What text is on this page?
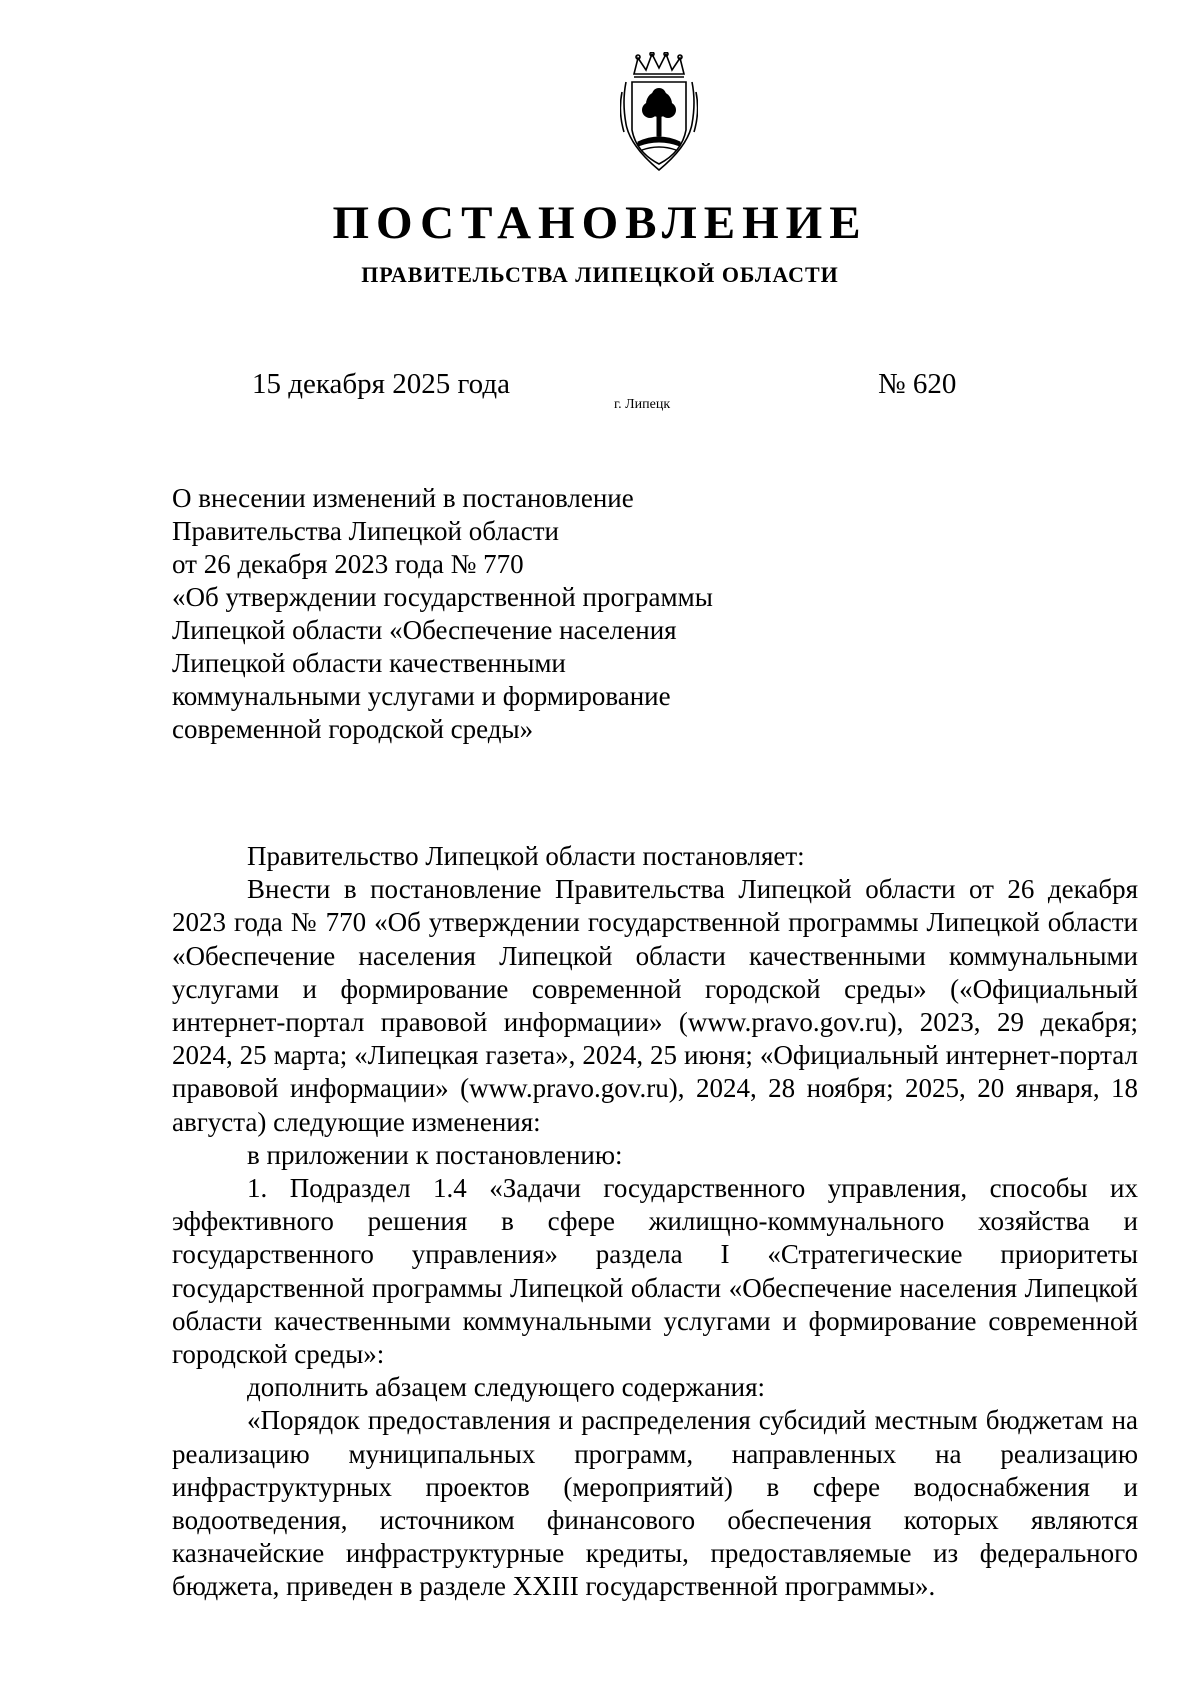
ПОСТАНОВЛЕНИЕ
ПРАВИТЕЛЬСТВА ЛИПЕЦКОЙ ОБЛАСТИ
15 декабря 2025 года
г. Липецк
№ 620
О внесении изменений в постановление
Правительства Липецкой области
от 26 декабря 2023 года № 770
«Об утверждении государственной программы
Липецкой области «Обеспечение населения
Липецкой области качественными
коммунальными услугами и формирование
современной городской среды»

Правительство Липецкой области постановляет:

Внести в постановление Правительства Липецкой области от 26 декабря 2023 года № 770 «Об утверждении государственной программы Липецкой области «Обеспечение населения Липецкой области качественными коммунальными услугами и формирование современной городской среды» («Официальный интернет-портал правовой информации» (www.pravo.gov.ru), 2023, 29 декабря; 2024, 25 марта; «Липецкая газета», 2024, 25 июня; «Официальный интернет-портал правовой информации» (www.pravo.gov.ru), 2024, 28 ноября; 2025, 20 января, 18 августа) следующие изменения:

в приложении к постановлению:

1. Подраздел 1.4 «Задачи государственного управления, способы их эффективного решения в сфере жилищно-коммунального хозяйства и государственного управления» раздела I «Стратегические приоритеты государственной программы Липецкой области «Обеспечение населения Липецкой области качественными коммунальными услугами и формирование современной городской среды»:

дополнить абзацем следующего содержания:

«Порядок предоставления и распределения субсидий местным бюджетам на реализацию муниципальных программ, направленных на реализацию инфраструктурных проектов (мероприятий) в сфере водоснабжения и водоотведения, источником финансового обеспечения которых являются казначейские инфраструктурные кредиты, предоставляемые из федерального бюджета, приведен в разделе XXIII государственной программы».
